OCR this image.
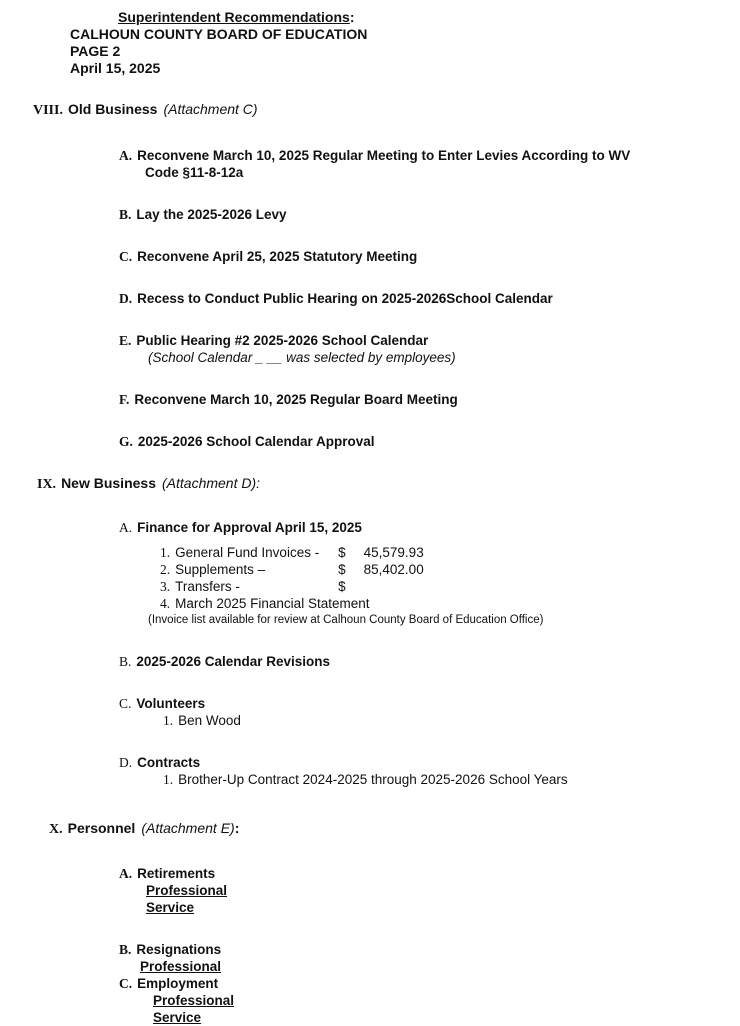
Superintendent Recommendations:
CALHOUN COUNTY BOARD OF EDUCATION
PAGE 2
April 15, 2025
VIII. Old Business (Attachment C)
A. Reconvene March 10, 2025 Regular Meeting to Enter Levies According to WV
Code §11-8-12a
B. Lay the 2025-2026 Levy
C. Reconvene April 25, 2025 Statutory Meeting
D. Recess to Conduct Public Hearing on 2025-2026School Calendar
E. Public Hearing #2 2025-2026 School Calendar
(School Calendar _ __ was selected by employees)
F. Reconvene March 10, 2025 Regular Board Meeting
G. 2025-2026 School Calendar Approval
IX. New Business (Attachment D):
A. Finance for Approval April 15, 2025
1. General Fund Invoices -	$ 45,579.93
2. Supplements –	$ 85,402.00
3. Transfers -	$
4. March 2025 Financial Statement
(Invoice list available for review at Calhoun County Board of Education Office)
B. 2025-2026 Calendar Revisions
C. Volunteers
1. Ben Wood
D. Contracts
1. Brother-Up Contract 2024-2025 through 2025-2026 School Years
X. Personnel (Attachment E) :
A. Retirements
Professional
Service
B. Resignations
Professional
C. Employment
Professional
Service
